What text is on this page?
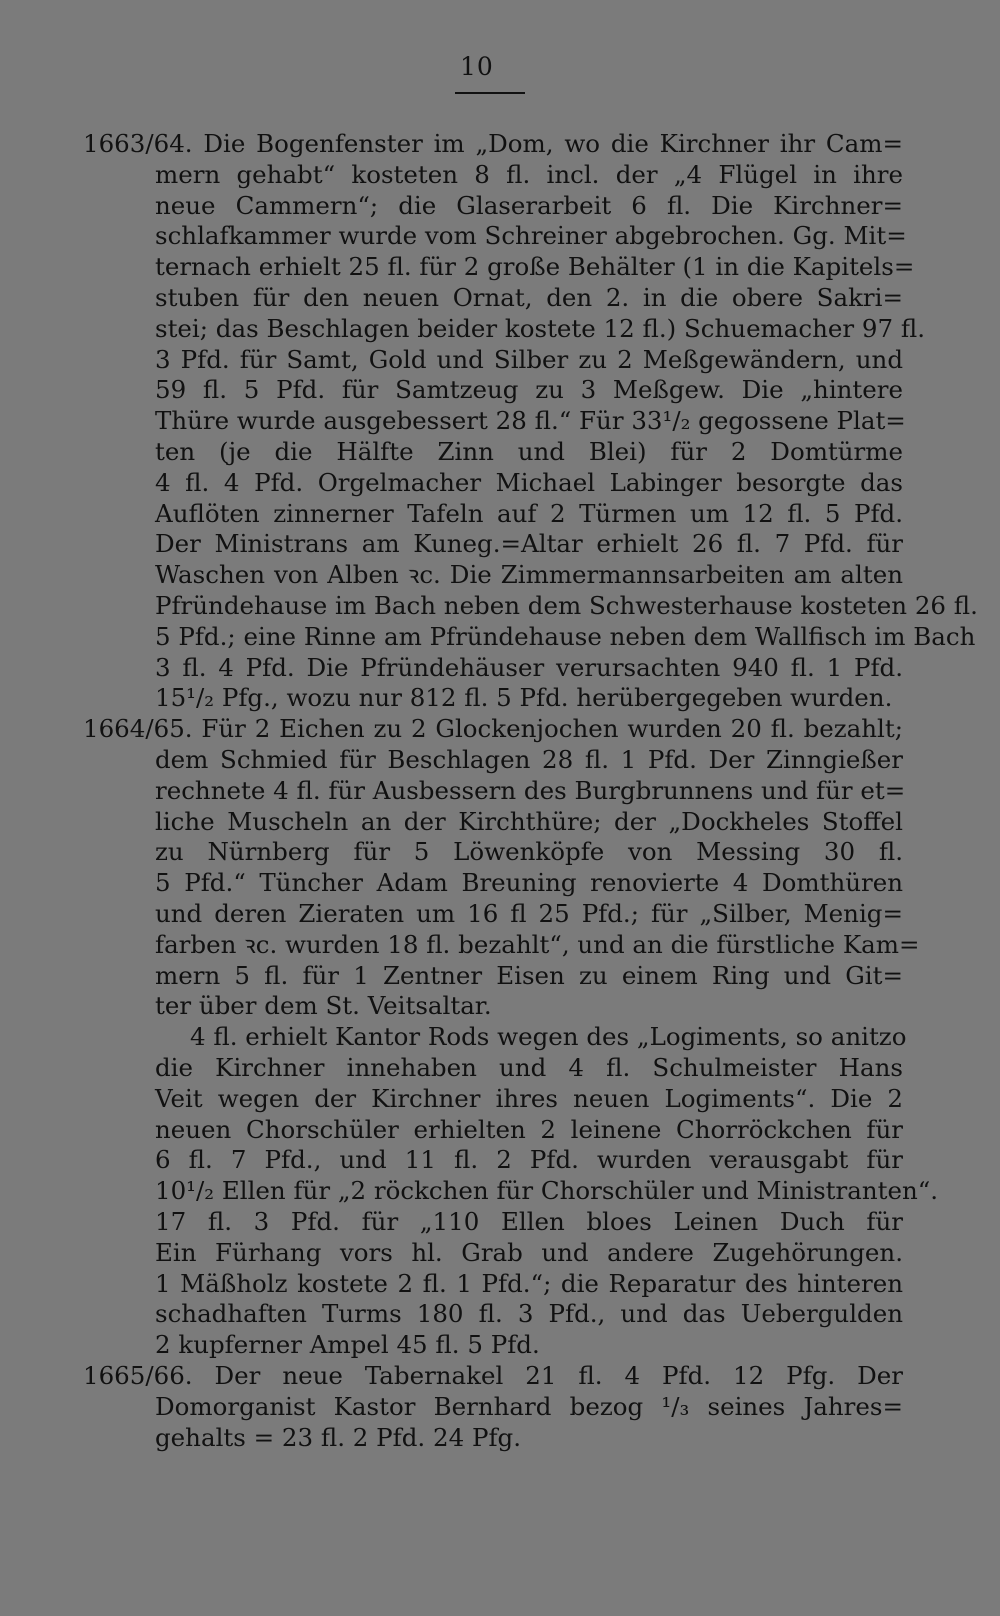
10
1663/64. Die Bogenfenster im „Dom, wo die Kirchner ihr Cam=
mern gehabt“ kosteten 8 fl. incl. der „4 Flügel in ihre
neue Cammern“; die Glaserarbeit 6 fl. Die Kirchner=
schlafkammer wurde vom Schreiner abgebrochen. Gg. Mit=
ternach erhielt 25 fl. für 2 große Behälter (1 in die Kapitels=
stuben für den neuen Ornat, den 2. in die obere Sakri=
stei; das Beschlagen beider kostete 12 fl.) Schuemacher 97 fl.
3 Pfd. für Samt, Gold und Silber zu 2 Meßgewändern, und
59 fl. 5 Pfd. für Samtzeug zu 3 Meßgew. Die „hintere
Thüre wurde ausgebessert 28 fl.“ Für 33¹/₂ gegossene Plat=
ten (je die Hälfte Zinn und Blei) für 2 Domtürme
4 fl. 4 Pfd. Orgelmacher Michael Labinger besorgte das
Auflöten zinnerner Tafeln auf 2 Türmen um 12 fl. 5 Pfd.
Der Ministrans am Kuneg.=Altar erhielt 26 fl. 7 Pfd. für
Waschen von Alben ꝛc. Die Zimmermannsarbeiten am alten
Pfründehause im Bach neben dem Schwesterhause kosteten 26 fl.
5 Pfd.; eine Rinne am Pfründehause neben dem Wallfisch im Bach
3 fl. 4 Pfd. Die Pfründehäuser verursachten 940 fl. 1 Pfd.
15¹/₂ Pfg., wozu nur 812 fl. 5 Pfd. herübergegeben wurden.
1664/65. Für 2 Eichen zu 2 Glockenjochen wurden 20 fl. bezahlt;
dem Schmied für Beschlagen 28 fl. 1 Pfd. Der Zinngießer
rechnete 4 fl. für Ausbessern des Burgbrunnens und für et=
liche Muscheln an der Kirchthüre; der „Dockheles Stoffel
zu Nürnberg für 5 Löwenköpfe von Messing 30 fl.
5 Pfd.“ Tüncher Adam Breuning renovierte 4 Domthüren
und deren Zieraten um 16 fl 25 Pfd.; für „Silber, Menig=
farben ꝛc. wurden 18 fl. bezahlt“, und an die fürstliche Kam=
mern 5 fl. für 1 Zentner Eisen zu einem Ring und Git=
ter über dem St. Veitsaltar.
4 fl. erhielt Kantor Rods wegen des „Logiments, so anitzo
die Kirchner innehaben und 4 fl. Schulmeister Hans
Veit wegen der Kirchner ihres neuen Logiments“. Die 2
neuen Chorschüler erhielten 2 leinene Chorröckchen für
6 fl. 7 Pfd., und 11 fl. 2 Pfd. wurden verausgabt für
10¹/₂ Ellen für „2 röckchen für Chorschüler und Ministranten“.
17 fl. 3 Pfd. für „110 Ellen bloes Leinen Duch für
Ein Fürhang vors hl. Grab und andere Zugehörungen.
1 Mäßholz kostete 2 fl. 1 Pfd.“; die Reparatur des hinteren
schadhaften Turms 180 fl. 3 Pfd., und das Uebergulden
2 kupferner Ampel 45 fl. 5 Pfd.
1665/66. Der neue Tabernakel 21 fl. 4 Pfd. 12 Pfg. Der
Domorganist Kastor Bernhard bezog ¹/₃ seines Jahres=
gehalts = 23 fl. 2 Pfd. 24 Pfg.
